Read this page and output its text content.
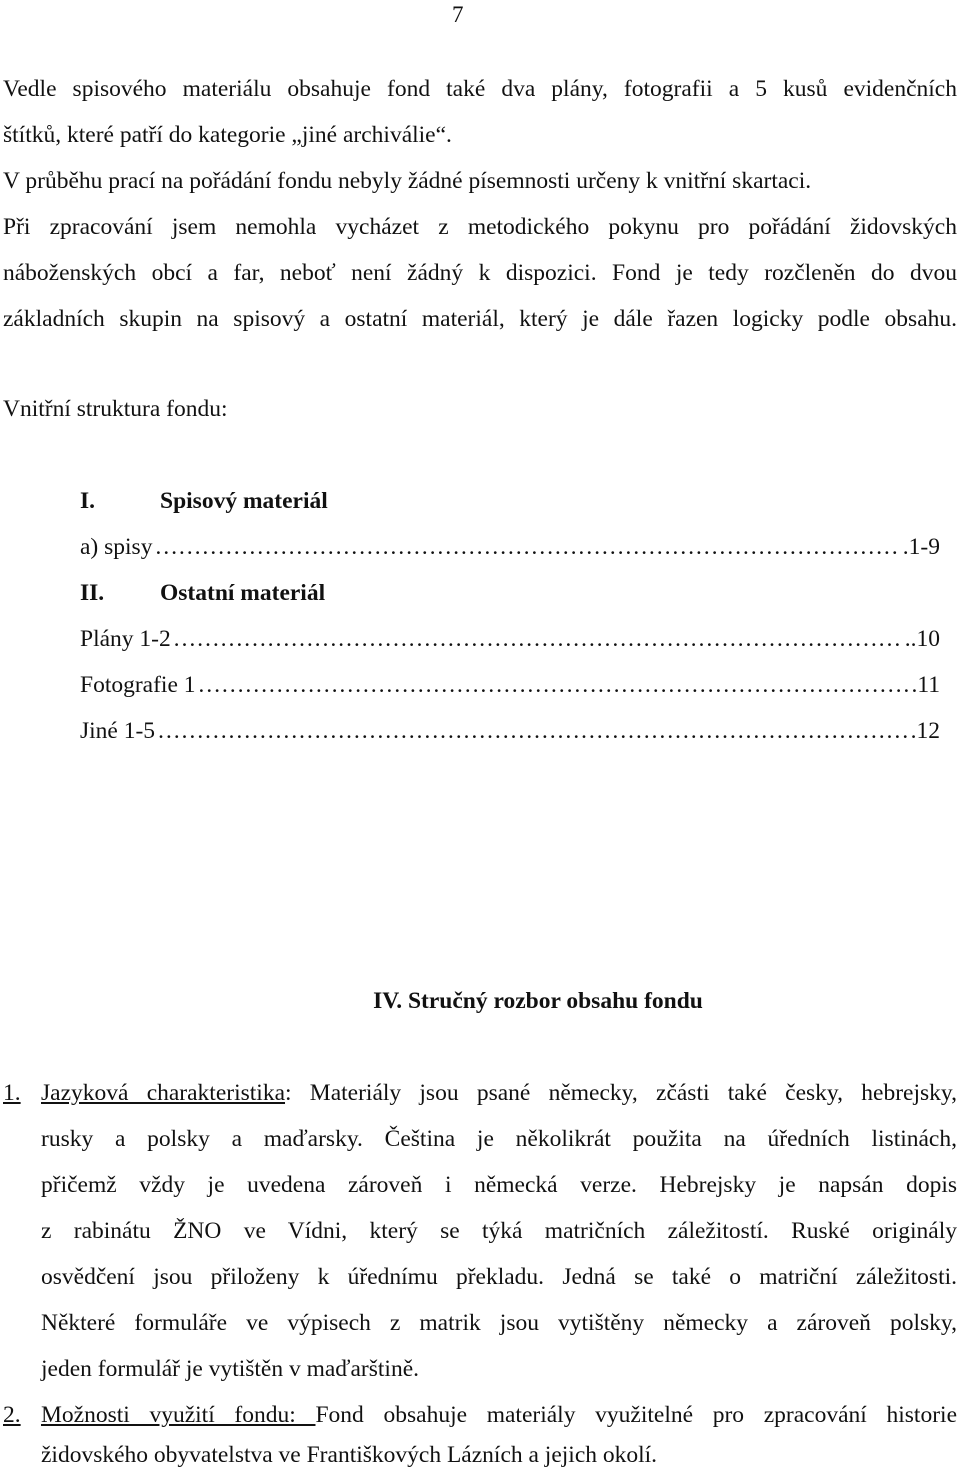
7
Vedle spisového materiálu obsahuje fond také dva plány, fotografii a 5 kusů evidenčních
štítků, které patří do kategorie „jiné archiválie“.
V průběhu prací na pořádání fondu nebyly žádné písemnosti určeny k vnitřní skartaci.
Při zpracování jsem nemohla vycházet z metodického pokynu pro pořádání židovských
náboženských obcí a far, neboť není žádný k dispozici. Fond je tedy rozčleněn do dvou
základních skupin na spisový a ostatní materiál, který je dále řazen logicky podle obsahu.
Vnitřní struktura fondu:
I.	Spisový materiál
a) spisy …………………………………………………………………………………………………………………………………………………………	.1-9
II. Ostatní materiál
Plány 1-2 …………………………………………………………………………………………………………………………………………………………	..10
Fotografie 1 …………………………………………………………………………………………………………………………………………………………	.11
Jiné 1-5 …………………………………………………………………………………………………………………………………………………………	.12
IV. Stručný rozbor obsahu fondu
1. Jazyková charakteristika: Materiály jsou psané německy, zčásti také česky, hebrejsky,
rusky a polsky a maďarsky. Čeština je několikrát použita na úředních listinách,
přičemž vždy je uvedena zároveň i německá verze. Hebrejsky je napsán dopis
z rabinátu ŽNO ve Vídni, který se týká matričních záležitostí. Ruské originály
osvědčení jsou přiloženy k úřednímu překladu. Jedná se také o matriční záležitosti.
Některé formuláře ve výpisech z matrik jsou vytištěny německy a zároveň polsky,
jeden formulář je vytištěn v maďarštině.
2. Možnosti využití fondu: Fond obsahuje materiály využitelné pro zpracování historie
židovského obyvatelstva ve Františkových Lázních a jejich okolí.
